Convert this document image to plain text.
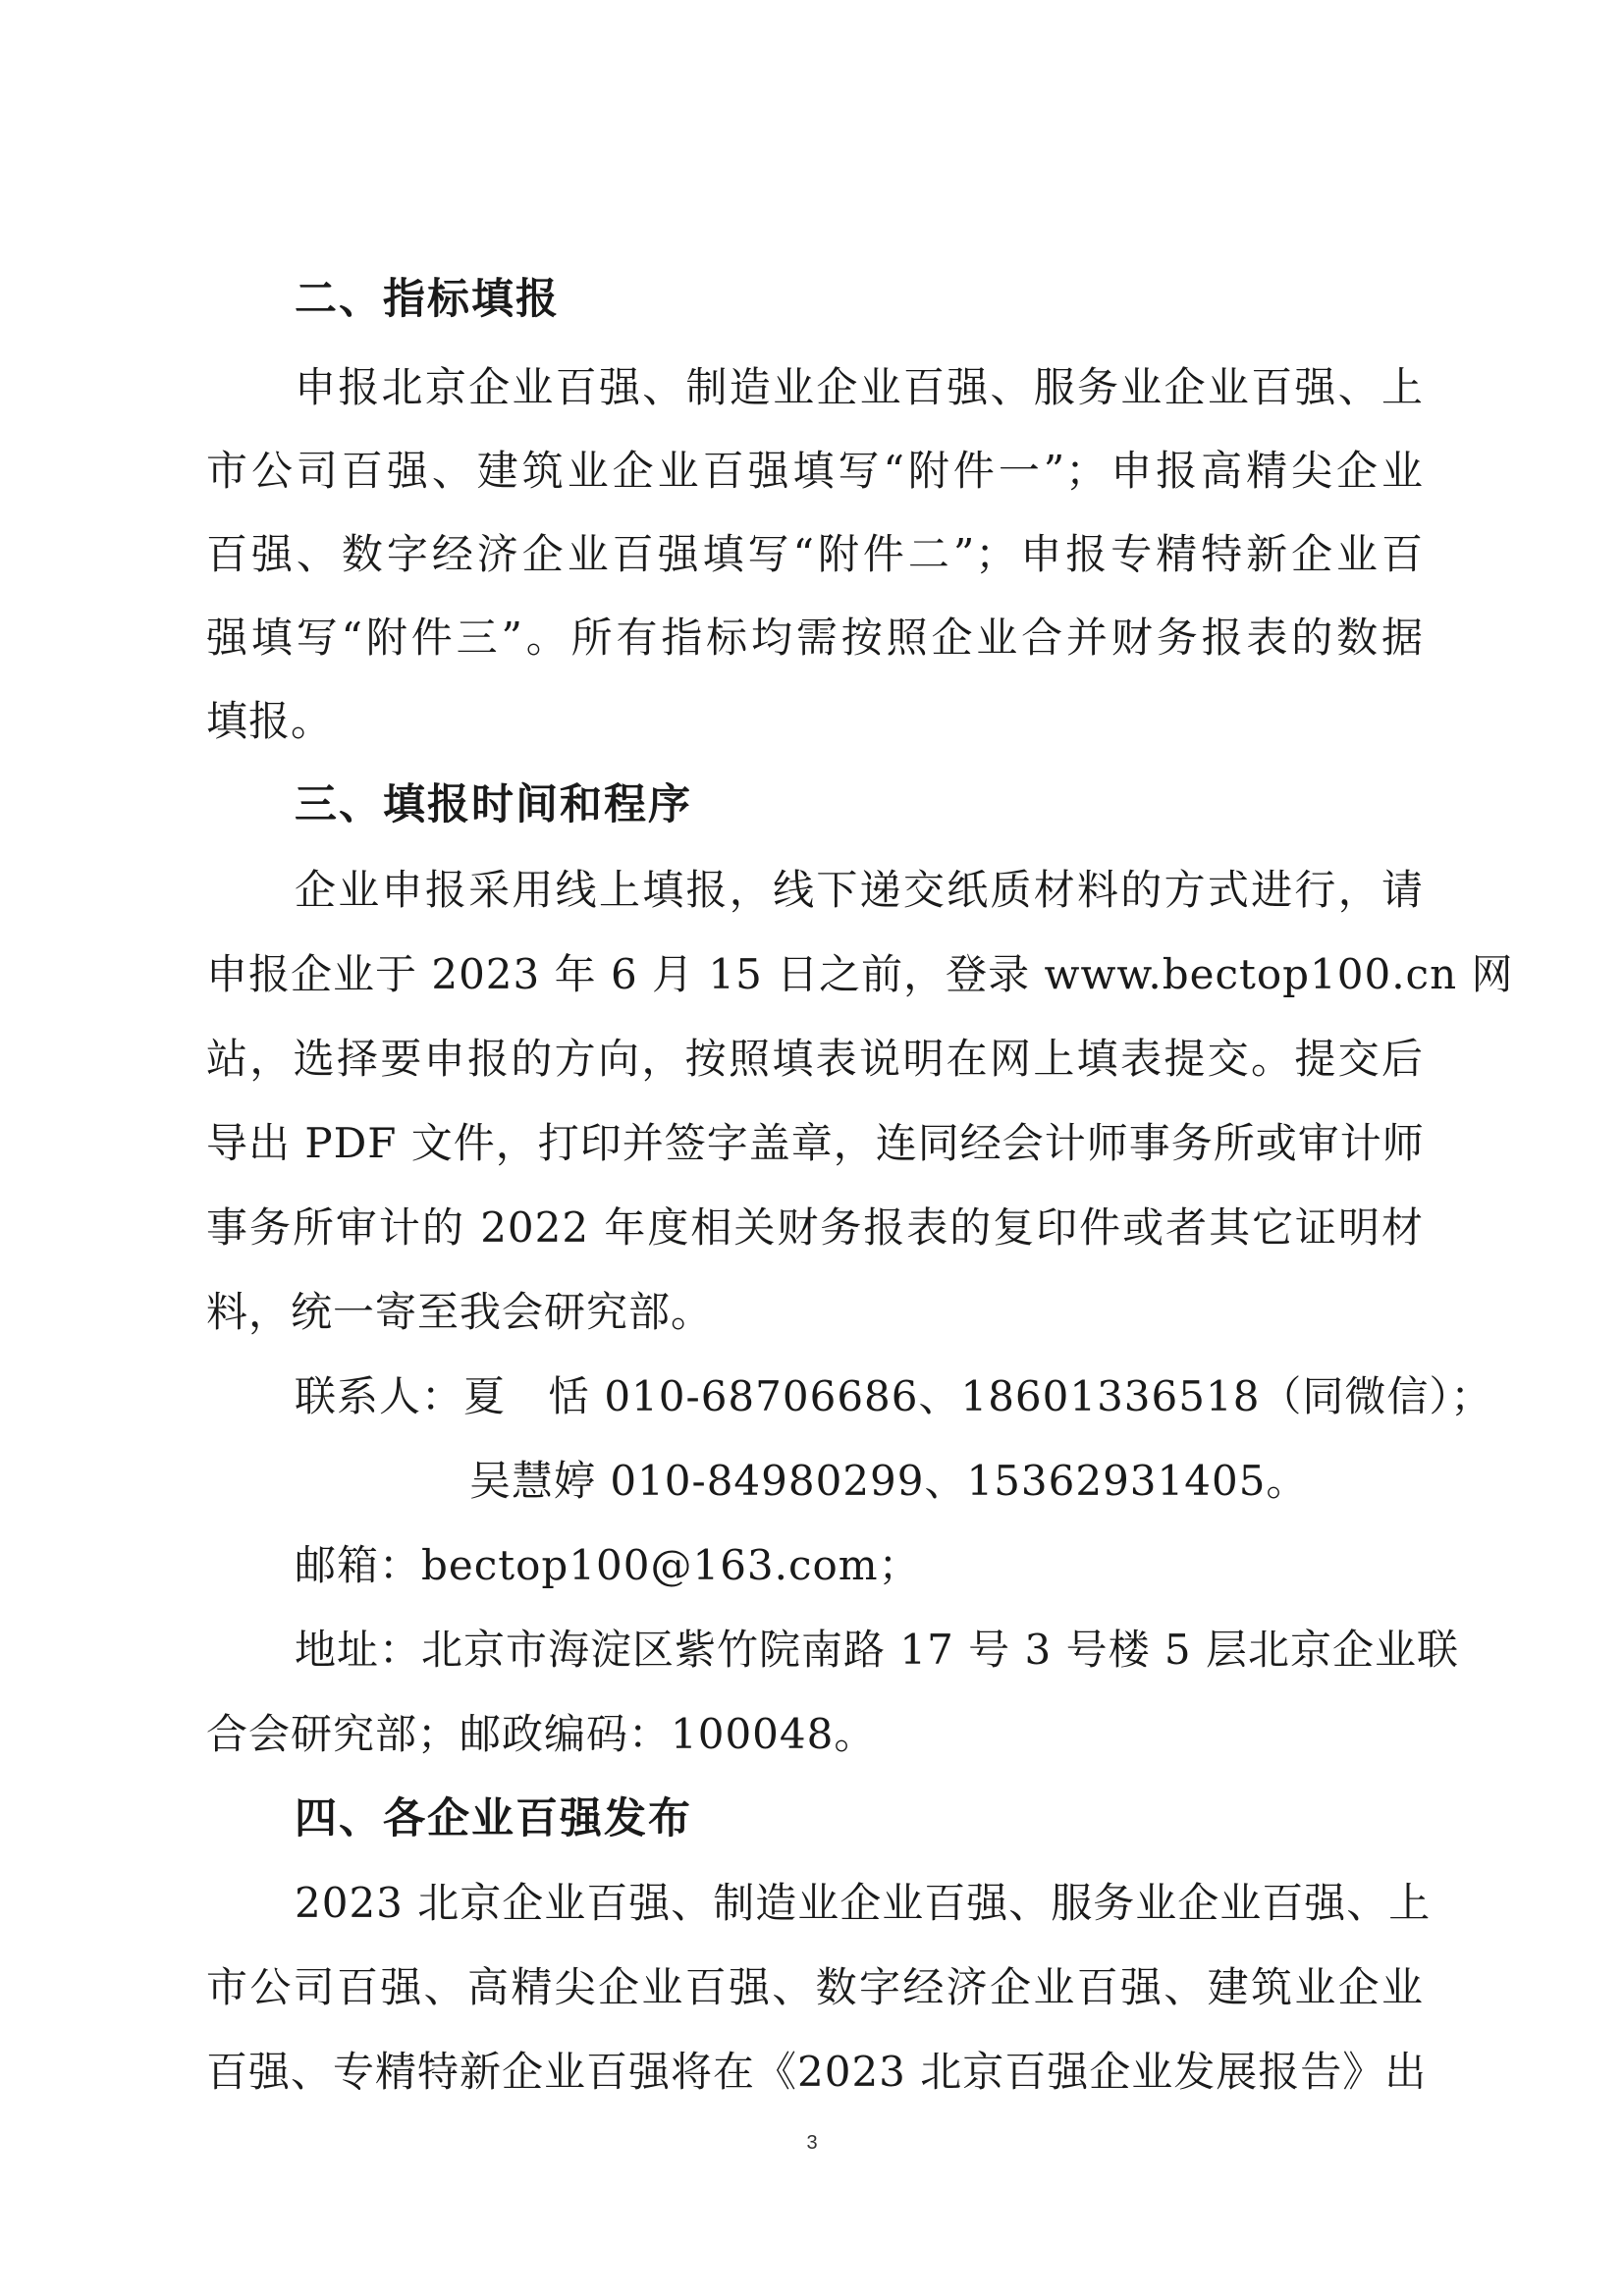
二、指标填报
申报北京企业百强、制造业企业百强、服务业企业百强、上
市公司百强、建筑业企业百强填写“附件一”；申报高精尖企业
百强、数字经济企业百强填写“附件二”；申报专精特新企业百
强填写“附件三”。所有指标均需按照企业合并财务报表的数据
填报。
三、填报时间和程序
企业申报采用线上填报，线下递交纸质材料的方式进行，请
申报企业于 2023 年 6 月 15 日之前，登录 www.bectop100.cn 网
站，选择要申报的方向，按照填表说明在网上填表提交。提交后
导出 PDF 文件，打印并签字盖章，连同经会计师事务所或审计师
事务所审计的 2022 年度相关财务报表的复印件或者其它证明材
料，统一寄至我会研究部。
联系人：夏　恬 010-68706686、18601336518（同微信）；
吴慧婷 010-84980299、15362931405。
邮箱：bectop100@163.com；
地址：北京市海淀区紫竹院南路 17 号 3 号楼 5 层北京企业联
合会研究部；邮政编码：100048。
四、各企业百强发布
2023 北京企业百强、制造业企业百强、服务业企业百强、上
市公司百强、高精尖企业百强、数字经济企业百强、建筑业企业
百强、专精特新企业百强将在《2023 北京百强企业发展报告》出
3
